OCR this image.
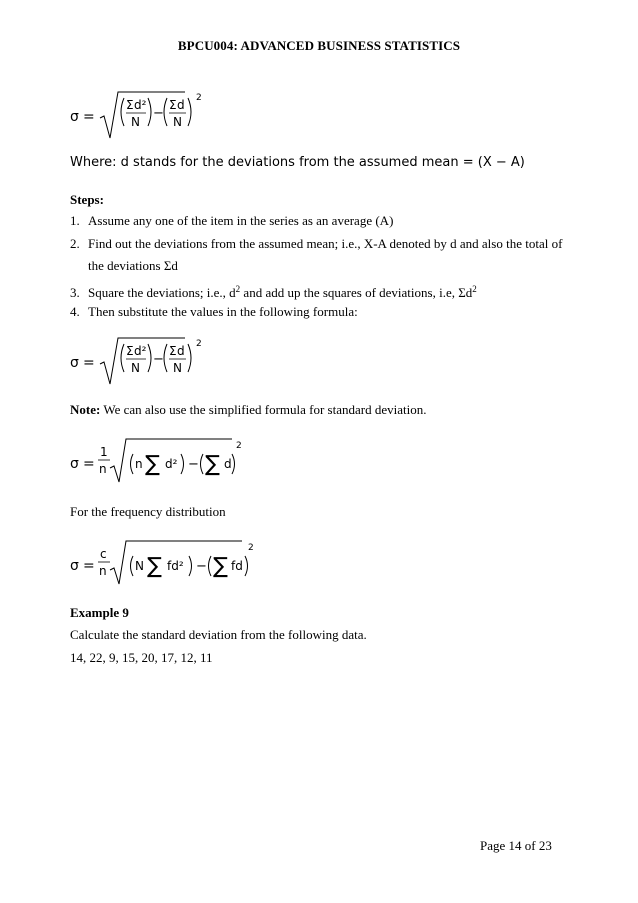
BPCU004: ADVANCED BUSINESS STATISTICS
σ =
Σ d²
N
−
Σ d
N
2
Where: d stands for the deviations from the assumed mean = (X − A)
Steps:
1. Assume any one of the item in the series as an average (A)
2. Find out the deviations from the assumed mean; i.e., X-A denoted by d and also the total of
the deviations Σd
3. Square the deviations; i.e., $d^2$ and add up the squares of deviations, i.e, $\Sigma d^2$
4. Then substitute the values in the following formula:
σ =
Σ d²
N
−
Σ d
N
2
Note: We can also use the simplified formula for standard deviation.
σ =
1
n n ∑ d² − ∑ d
2
For the frequency distribution
σ =
c
n N ∑ fd² − ∑ fd
2
Example 9
Calculate the standard deviation from the following data.
14, 22, 9, 15, 20, 17, 12, 11
Page 14 of 23
